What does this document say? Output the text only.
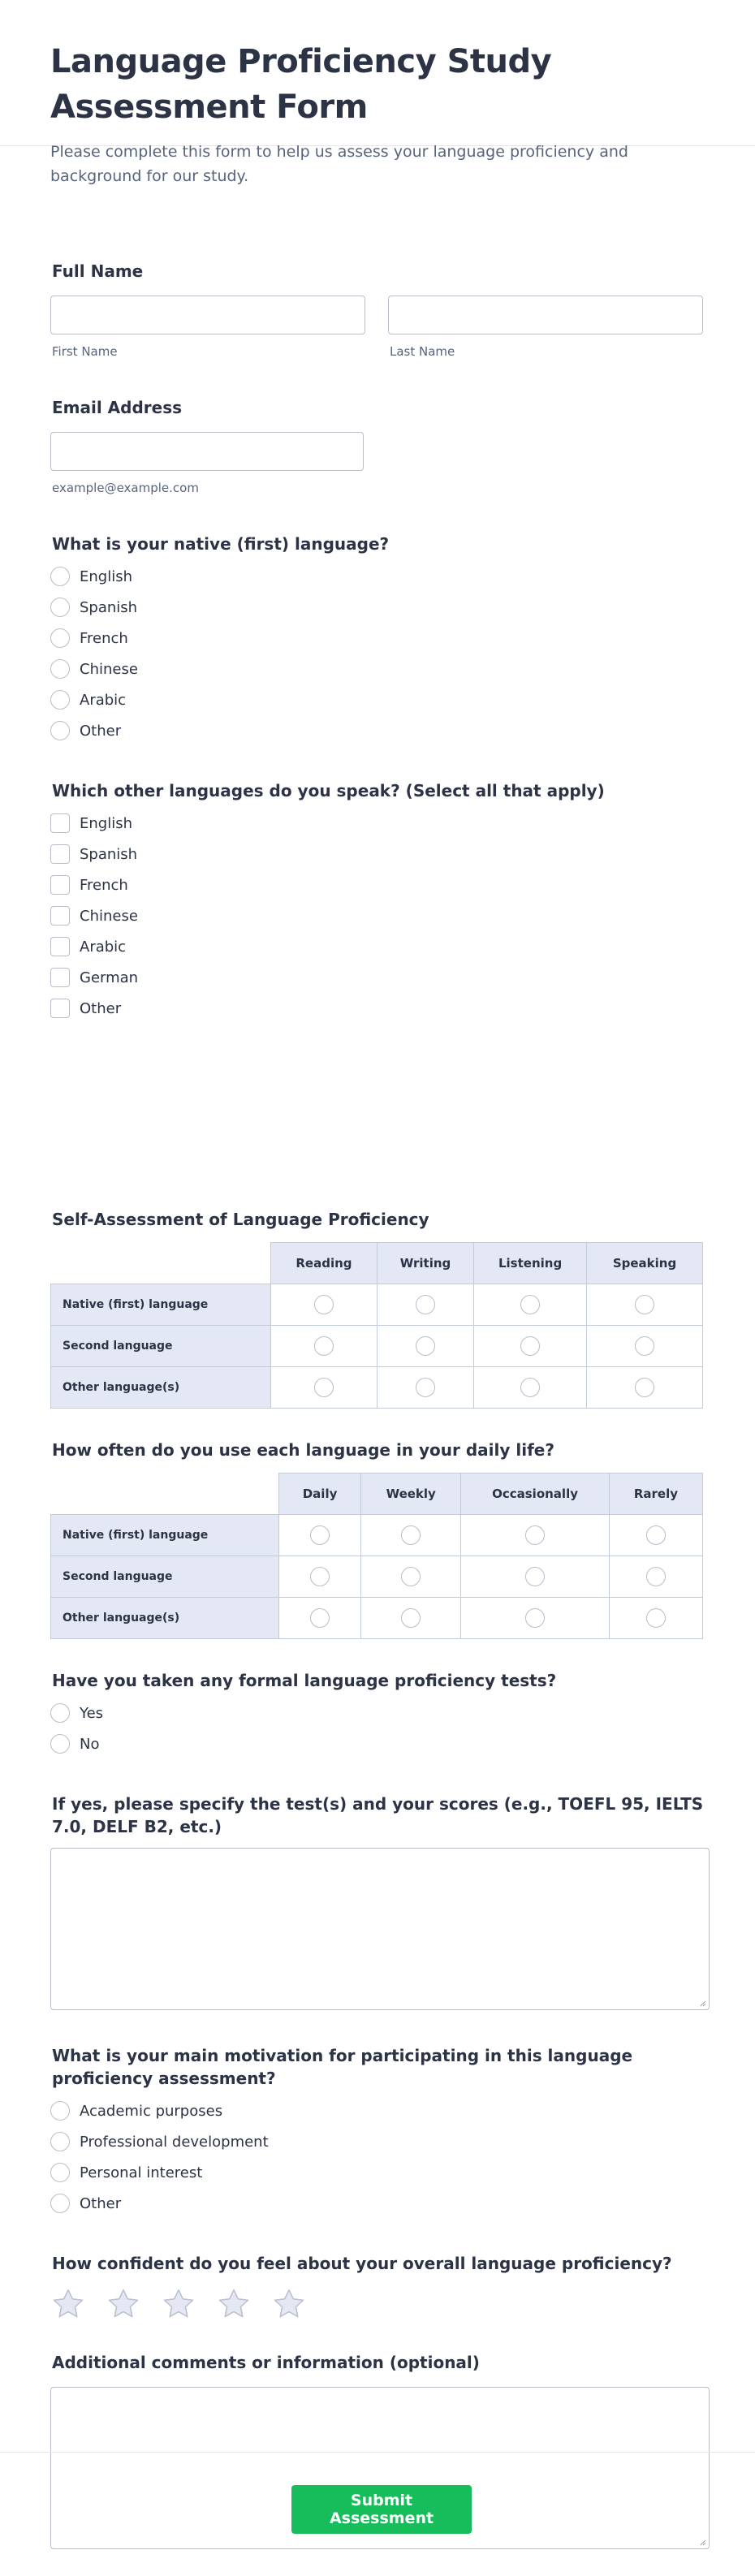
Language Proficiency Study Assessment Form

Please complete this form to help us assess your language proficiency and background for our study.

Full Name
First Name	Last Name
Email Address
example@example.com
What is your native (first) language?
English
Spanish
French
Chinese
Arabic
Other
Which other languages do you speak? (Select all that apply)
English
Spanish
French
Chinese
Arabic
German
Other
Self-Assessment of Language Proficiency
	Reading	Writing	Listening	Speaking
Native (first) language				
Second language				
Other language(s)				
How often do you use each language in your daily life?
	Daily	Weekly	Occasionally	Rarely
Native (first) language				
Second language				
Other language(s)				
Have you taken any formal language proficiency tests?
Yes
No
If yes, please specify the test(s) and your scores (e.g., TOEFL 95, IELTS 7.0, DELF B2, etc.)
What is your main motivation for participating in this language proficiency assessment?
Academic purposes
Professional development
Personal interest
Other
How confident do you feel about your overall language proficiency?
Additional comments or information (optional)
Submit Assessment
